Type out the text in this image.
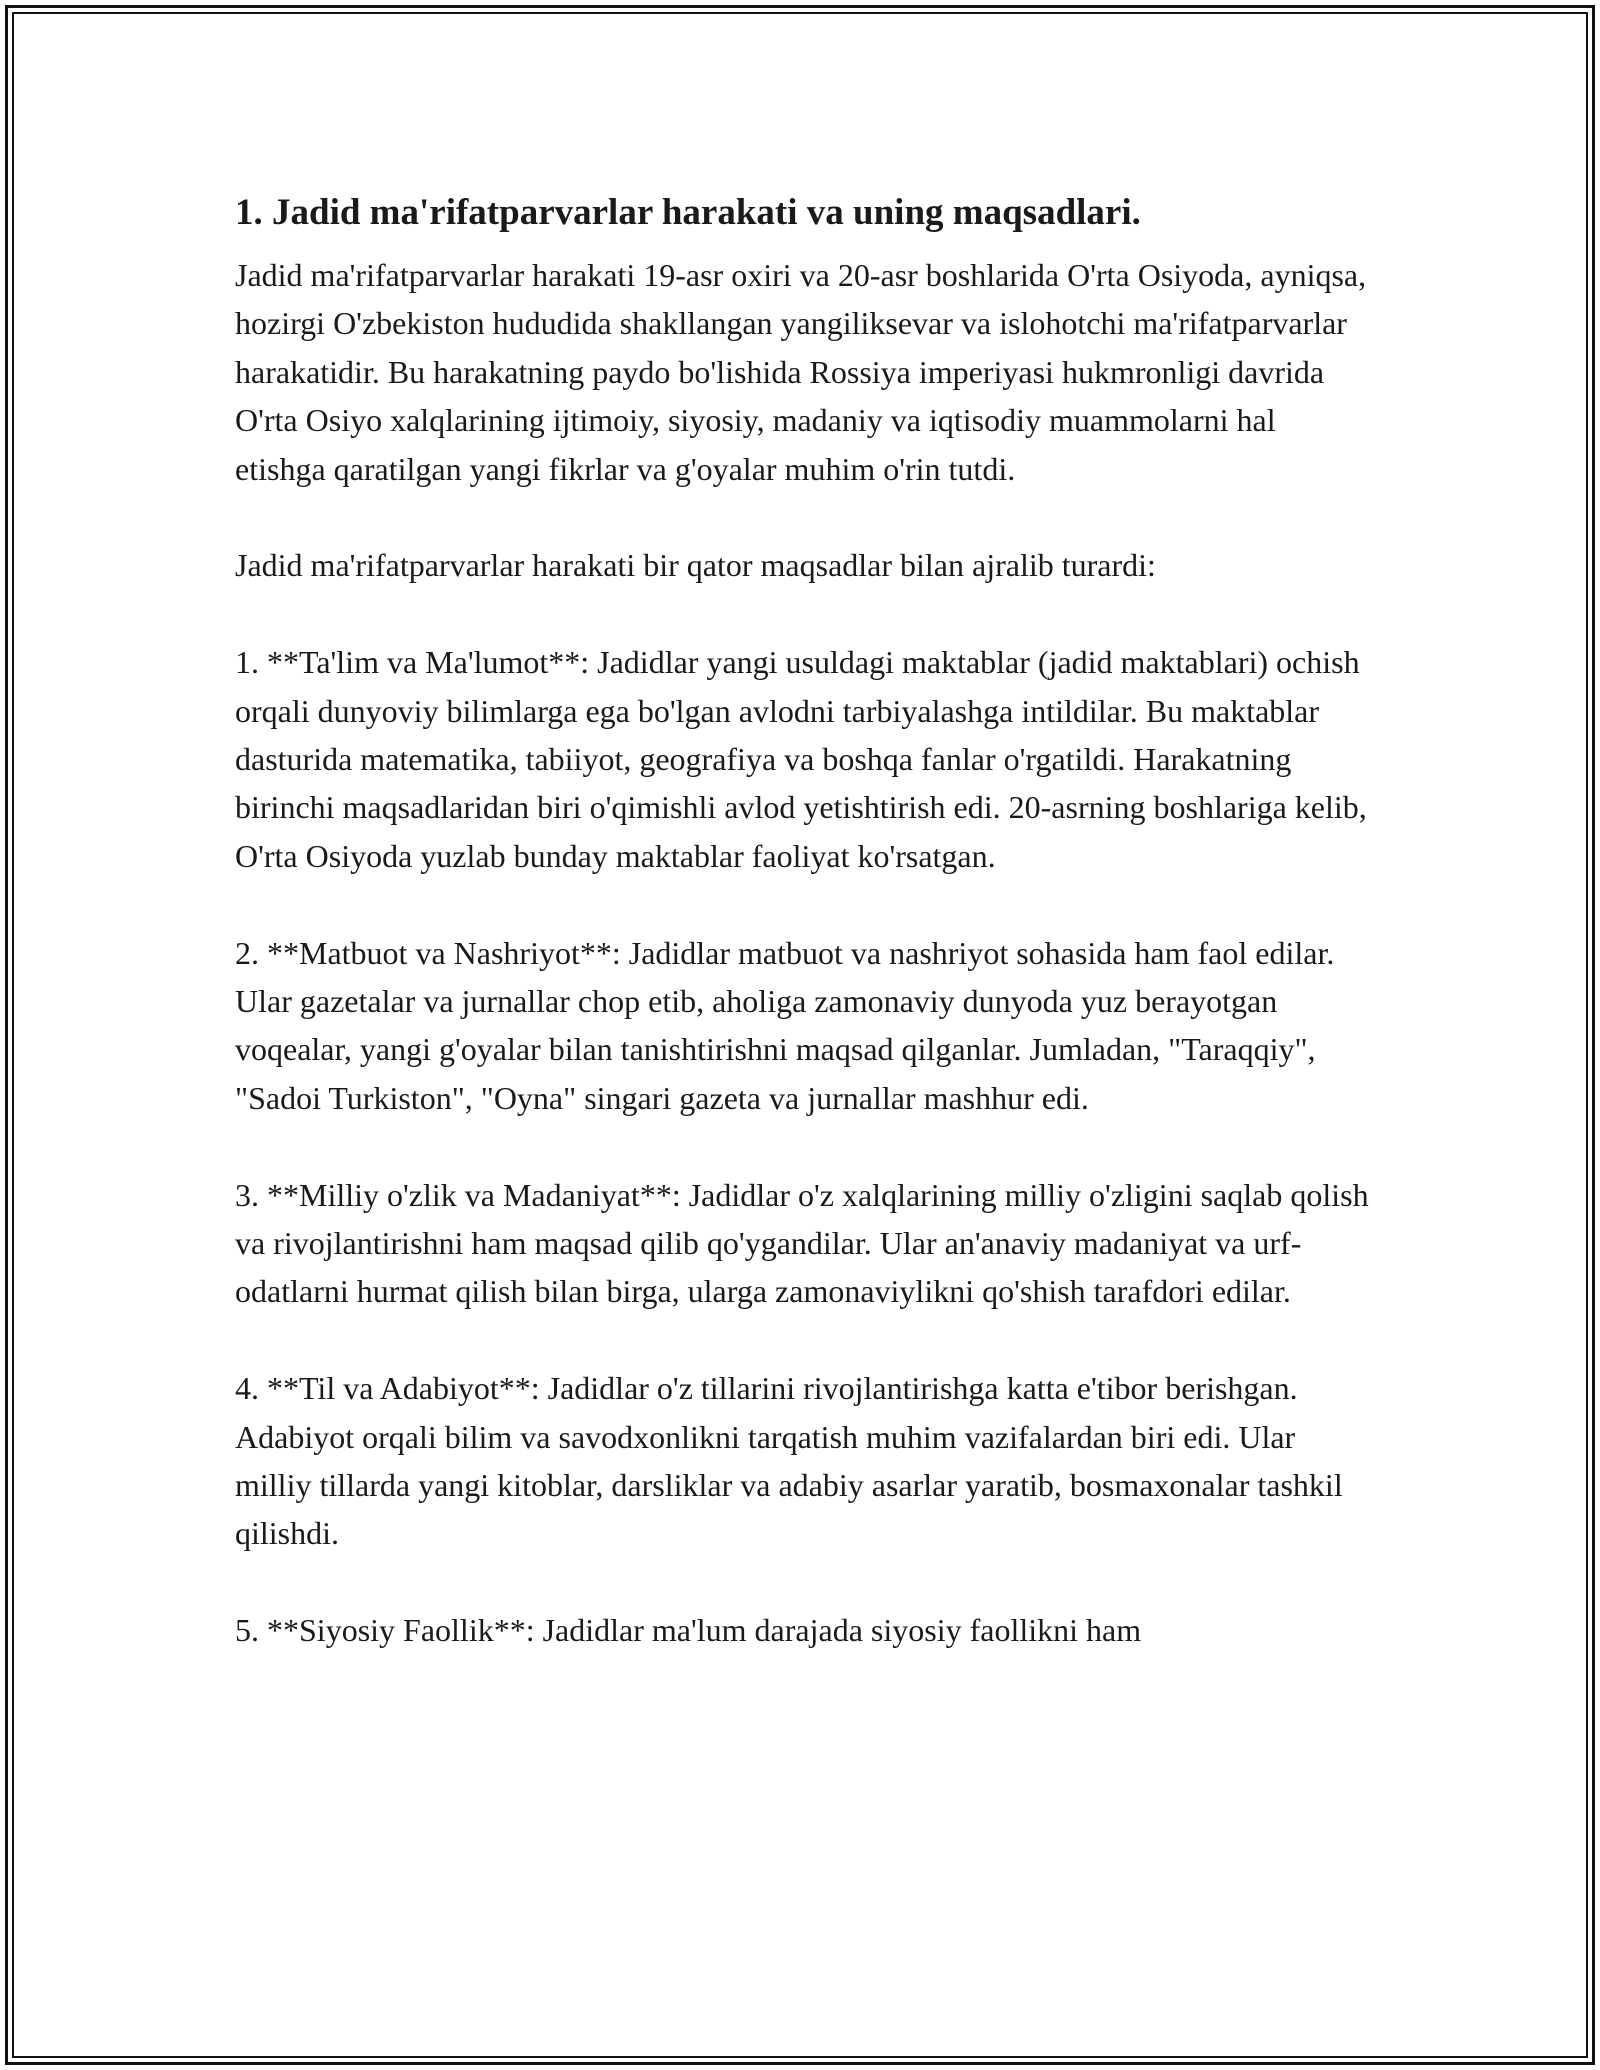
1. Jadid ma'rifatparvarlar harakati va uning maqsadlari.

Jadid ma'rifatparvarlar harakati 19-asr oxiri va 20-asr boshlarida O'rta Osiyoda, ayniqsa, hozirgi O'zbekiston hududida shakllangan yangiliksevar va islohotchi ma'rifatparvarlar harakatidir. Bu harakatning paydo bo'lishida Rossiya imperiyasi hukmronligi davrida O'rta Osiyo xalqlarining ijtimoiy, siyosiy, madaniy va iqtisodiy muammolarni hal etishga qaratilgan yangi fikrlar va g'oyalar muhim o'rin tutdi.

Jadid ma'rifatparvarlar harakati bir qator maqsadlar bilan ajralib turardi:

1. **Ta'lim va Ma'lumot**: Jadidlar yangi usuldagi maktablar (jadid maktablari) ochish orqali dunyoviy bilimlarga ega bo'lgan avlodni tarbiyalashga intildilar. Bu maktablar dasturida matematika, tabiiyot, geografiya va boshqa fanlar o'rgatildi. Harakatning birinchi maqsadlaridan biri o'qimishli avlod yetishtirish edi. 20-asrning boshlariga kelib, O'rta Osiyoda yuzlab bunday maktablar faoliyat ko'rsatgan.

2. **Matbuot va Nashriyot**: Jadidlar matbuot va nashriyot sohasida ham faol edilar. Ular gazetalar va jurnallar chop etib, aholiga zamonaviy dunyoda yuz berayotgan voqealar, yangi g'oyalar bilan tanishtirishni maqsad qilganlar. Jumladan, "Taraqqiy", "Sadoi Turkiston", "Oyna" singari gazeta va jurnallar mashhur edi.

3. **Milliy o'zlik va Madaniyat**: Jadidlar o'z xalqlarining milliy o'zligini saqlab qolish va rivojlantirishni ham maqsad qilib qo'ygandilar. Ular an'anaviy madaniyat va urf-odatlarni hurmat qilish bilan birga, ularga zamonaviylikni qo'shish tarafdori edilar.

4. **Til va Adabiyot**: Jadidlar o'z tillarini rivojlantirishga katta e'tibor berishgan. Adabiyot orqali bilim va savodxonlikni tarqatish muhim vazifalardan biri edi. Ular milliy tillarda yangi kitoblar, darsliklar va adabiy asarlar yaratib, bosmaxonalar tashkil qilishdi.

5. **Siyosiy Faollik**: Jadidlar ma'lum darajada siyosiy faollikni ham
